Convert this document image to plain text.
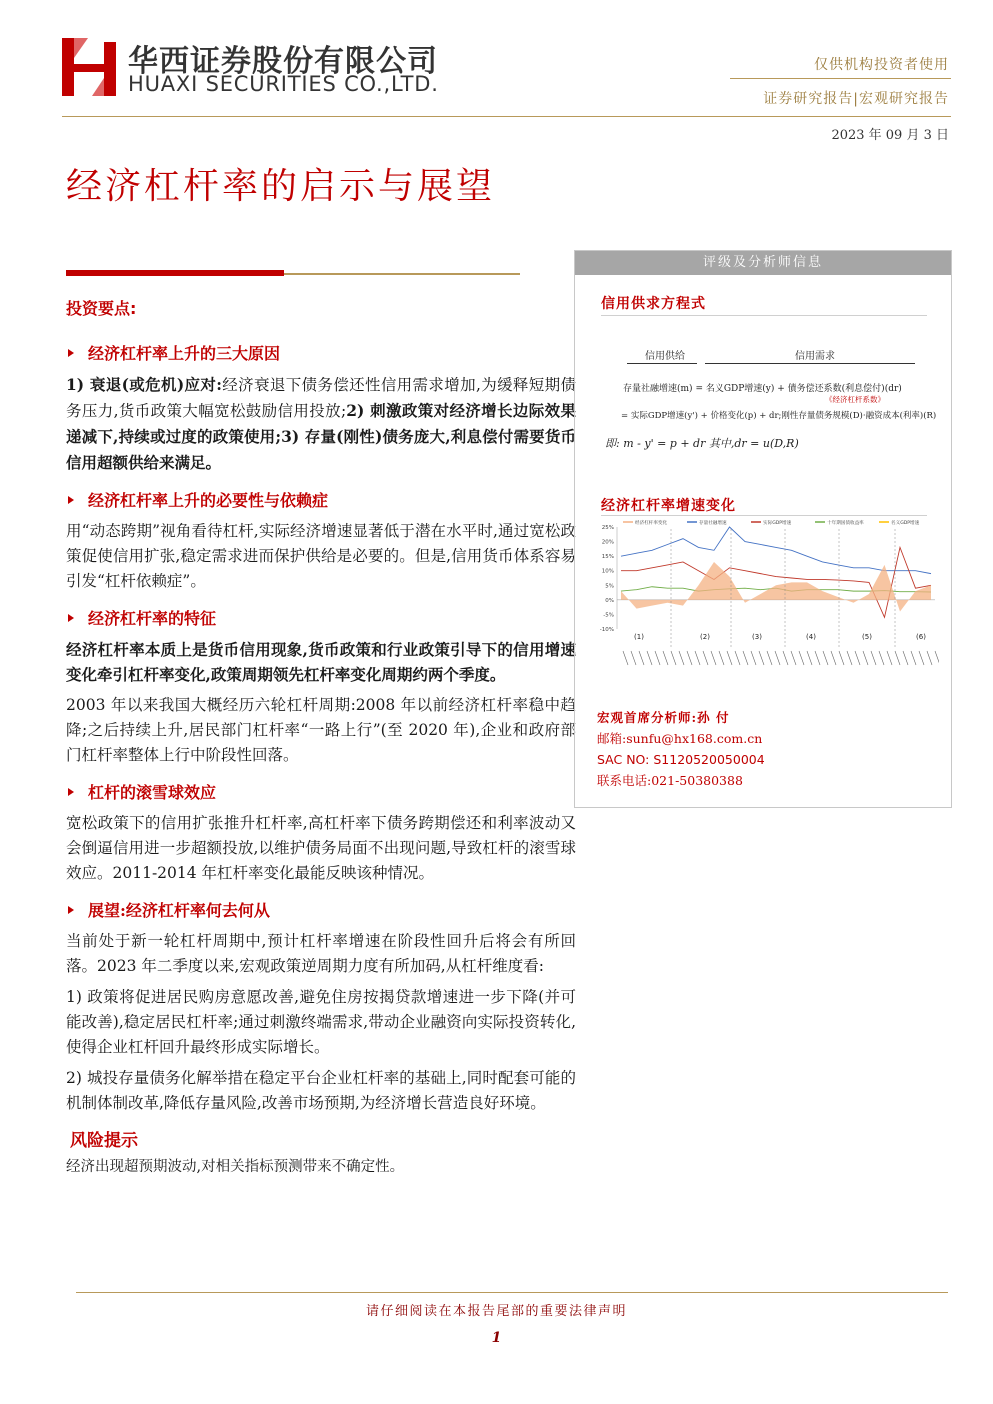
华西证券股份有限公司
HUAXI SECURITIES CO.,LTD.
仅供机构投资者使用
证券研究报告|宏观研究报告
2023 年 09 月 3 日
经济杠杆率的启示与展望

投资要点:

经济杠杆率上升的三大原因

1) 衰退(或危机)应对:经济衰退下债务偿还性信用需求增加,为缓释短期债务压力,货币政策大幅宽松鼓励信用投放;2) 刺激政策对经济增长边际效果递减下,持续或过度的政策使用;3) 存量(刚性)债务庞大,利息偿付需要货币信用超额供给来满足。

经济杠杆率上升的必要性与依赖症

用“动态跨期”视角看待杠杆,实际经济增速显著低于潜在水平时,通过宽松政策促使信用扩张,稳定需求进而保护供给是必要的。但是,信用货币体系容易引发“杠杆依赖症”。

经济杠杆率的特征

经济杠杆率本质上是货币信用现象,货币政策和行业政策引导下的信用增速变化牵引杠杆率变化,政策周期领先杠杆率变化周期约两个季度。

2003 年以来我国大概经历六轮杠杆周期:2008 年以前经济杠杆率稳中趋降;之后持续上升,居民部门杠杆率“一路上行”(至 2020 年),企业和政府部门杠杆率整体上行中阶段性回落。

杠杆的滚雪球效应

宽松政策下的信用扩张推升杠杆率,高杠杆率下债务跨期偿还和利率波动又会倒逼信用进一步超额投放,以维护债务局面不出现问题,导致杠杆的滚雪球效应。2011-2014 年杠杆率变化最能反映该种情况。

展望:经济杠杆率何去何从

当前处于新一轮杠杆周期中,预计杠杆率增速在阶段性回升后将会有所回落。2023 年二季度以来,宏观政策逆周期力度有所加码,从杠杆维度看:

1) 政策将促进居民购房意愿改善,避免住房按揭贷款增速进一步下降(并可能改善),稳定居民杠杆率;通过刺激终端需求,带动企业融资向实际投资转化,使得企业杠杆回升最终形成实际增长。

2) 城投存量债务化解举措在稳定平台企业杠杆率的基础上,同时配套可能的机制体制改革,降低存量风险,改善市场预期,为经济增长营造良好环境。

风险提示

经济出现超预期波动,对相关指标预测带来不确定性。

评级及分析师信息
信用供求方程式
信用供给	信用需求
存量社融增速(m) = 名义GDP增速(y) + 債务偿还系数(利息偿付)(dr)
《经济杠杆系数》
= 实际GDP增速(y') + 价格变化(p) + dr;刚性存量债务规模(D)·融资成本(利率)(R)
即: m - y' = p + dr 其中,dr = u(D,R)
经济杠杆率增速变化
25%
20%
15%
10%
5%
0%
-5%
-10%
经济杠杆率变化	存量社融增速	实际GDP增速	十年期国债收益率	名义GDP增速
(1)	(2)	(3)	(4)	(5)	(6)
宏观首席分析师:孙 付
邮箱:sunfu@hx168.com.cn
SAC NO: S1120520050004
联系电话:021-50380388
请仔细阅读在本报告尾部的重要法律声明
1
